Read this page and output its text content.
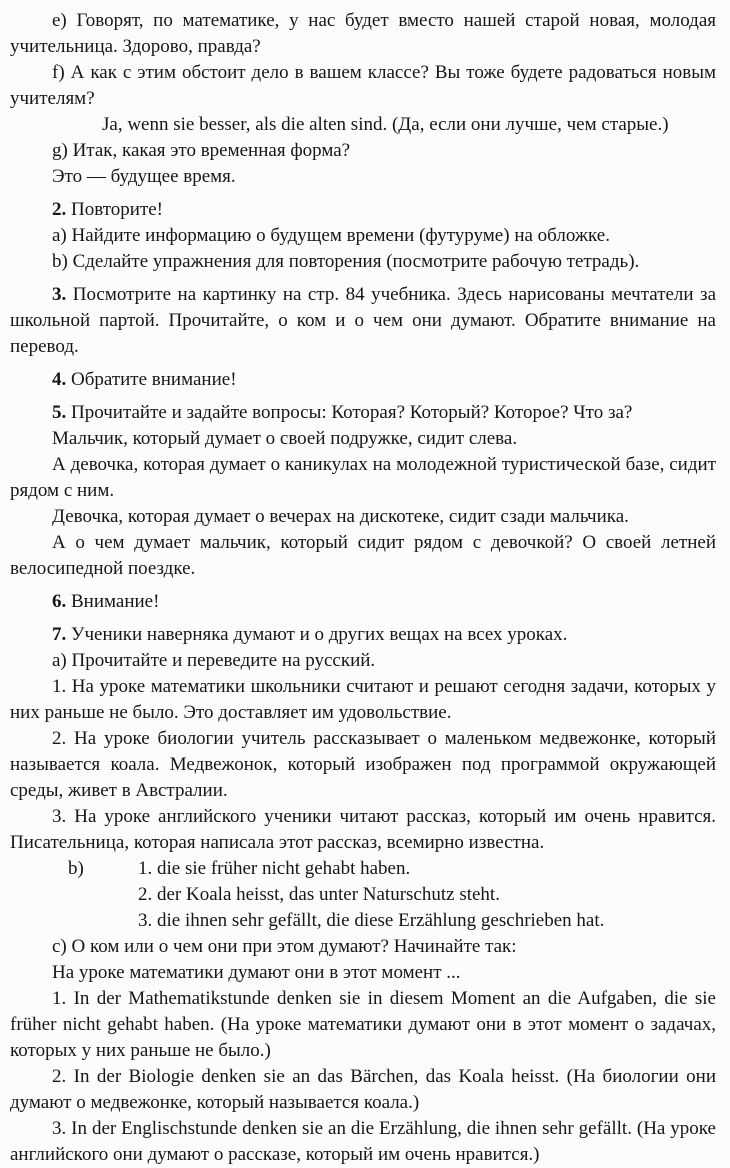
е) Говорят, по математике, у нас будет вместо нашей старой новая, молодая учительница. Здорово, правда?

f) А как с этим обстоит дело в вашем классе? Вы тоже будете радоваться новым учителям?

Ja, wenn sie besser, als die alten sind. (Да, если они лучше, чем старые.)

g) Итак, какая это временная форма?

Это — будущее время.

2. Повторите!

а) Найдите информацию о будущем времени (футуруме) на обложке.

b) Сделайте упражнения для повторения (посмотрите рабочую тетрадь).

3. Посмотрите на картинку на стр. 84 учебника. Здесь нарисованы мечтатели за школьной партой. Прочитайте, о ком и о чем они думают. Обратите внимание на перевод.

4. Обратите внимание!

5. Прочитайте и задайте вопросы: Которая? Который? Которое? Что за?

Мальчик, который думает о своей подружке, сидит слева.

А девочка, которая думает о каникулах на молодежной туристической базе, сидит рядом с ним.

Девочка, которая думает о вечерах на дискотеке, сидит сзади мальчика.

А о чем думает мальчик, который сидит рядом с девочкой? О своей летней велосипедной поездке.

6. Внимание!

7. Ученики наверняка думают и о других вещах на всех уроках.

а) Прочитайте и переведите на русский.

1. На уроке математики школьники считают и решают сегодня задачи, которых у них раньше не было. Это доставляет им удовольствие.

2. На уроке биологии учитель рассказывает о маленьком медвежонке, который называется коала. Медвежонок, который изображен под программой окружающей среды, живет в Австралии.

3. На уроке английского ученики читают рассказ, который им очень нравится. Писательница, которая написала этот рассказ, всемирно известна.

b)	1. die sie früher nicht gehabt haben.

2. der Koala heisst, das unter Naturschutz steht.

3. die ihnen sehr gefällt, die diese Erzählung geschrieben hat.

c) О ком или о чем они при этом думают? Начинайте так:

На уроке математики думают они в этот момент ...

1. In der Mathematikstunde denken sie in diesem Moment an die Aufgaben, die sie früher nicht gehabt haben. (На уроке математики думают они в этот момент о задачах, которых у них раньше не было.)

2. In der Biologie denken sie an das Bärchen, das Koala heisst. (На биологии они думают о медвежонке, который называется коала.)

3. In der Englischstunde denken sie an die Erzählung, die ihnen sehr gefällt. (На уроке английского они думают о рассказе, который им очень нравится.)
